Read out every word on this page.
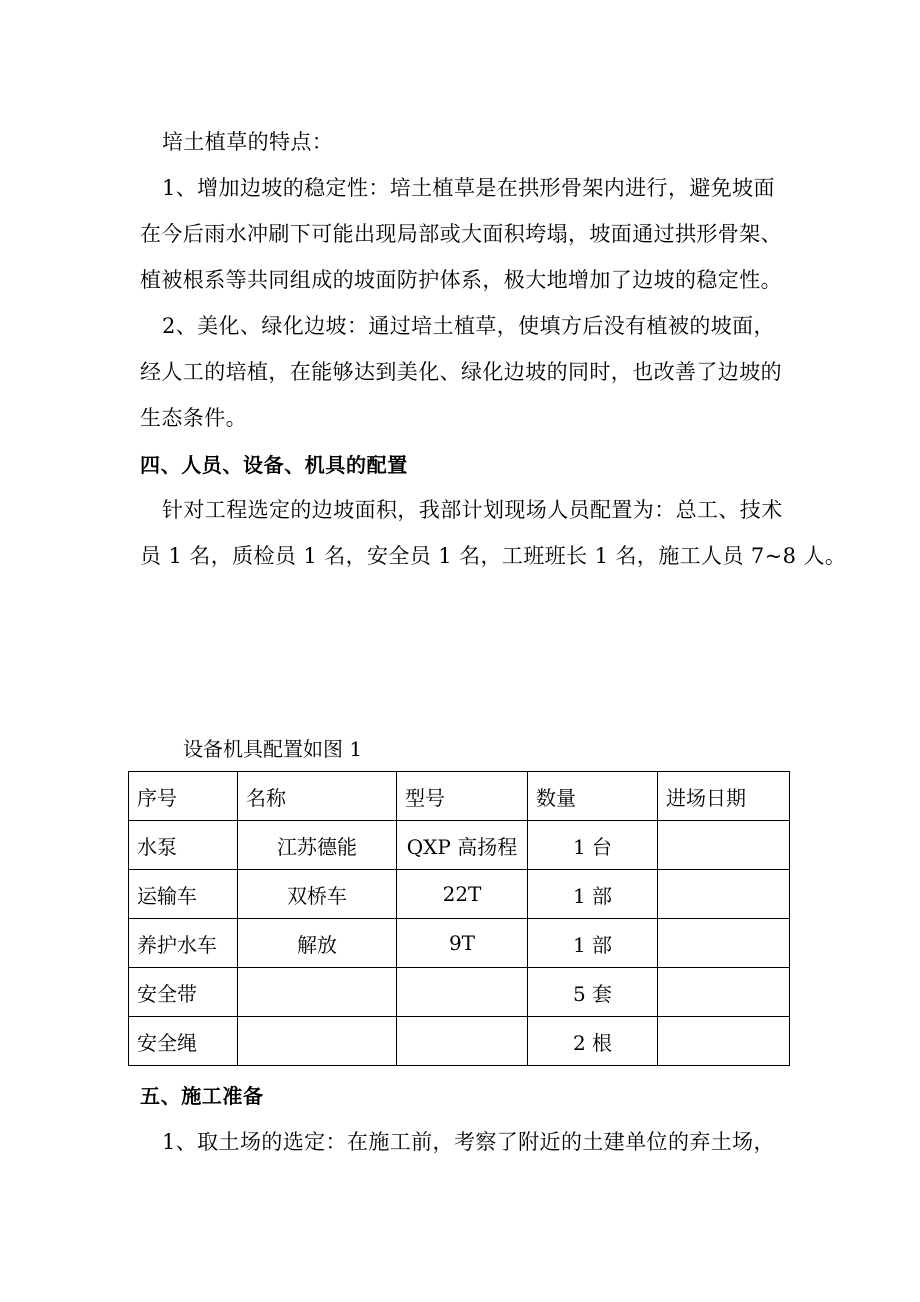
培土植草的特点：
1、增加边坡的稳定性：培土植草是在拱形骨架内进行，避免坡面
在今后雨水冲刷下可能出现局部或大面积垮塌，坡面通过拱形骨架、
植被根系等共同组成的坡面防护体系，极大地增加了边坡的稳定性。
2、美化、绿化边坡：通过培土植草，使填方后没有植被的坡面，
经人工的培植，在能够达到美化、绿化边坡的同时，也改善了边坡的
生态条件。
四、人员、设备、机具的配置
针对工程选定的边坡面积，我部计划现场人员配置为：总工、技术
员 1 名，质检员 1 名，安全员 1 名，工班班长 1 名，施工人员 7~8 人。
设备机具配置如图 1
序号	名称	型号	数量	进场日期
水泵	江苏德能	QXP 高扬程	1 台	
运输车	双桥车	22T	1 部	
养护水车	解放	9T	1 部	
安全带			5 套	
安全绳			2 根	
五、施工准备
1、取土场的选定：在施工前，考察了附近的土建单位的弃土场，
